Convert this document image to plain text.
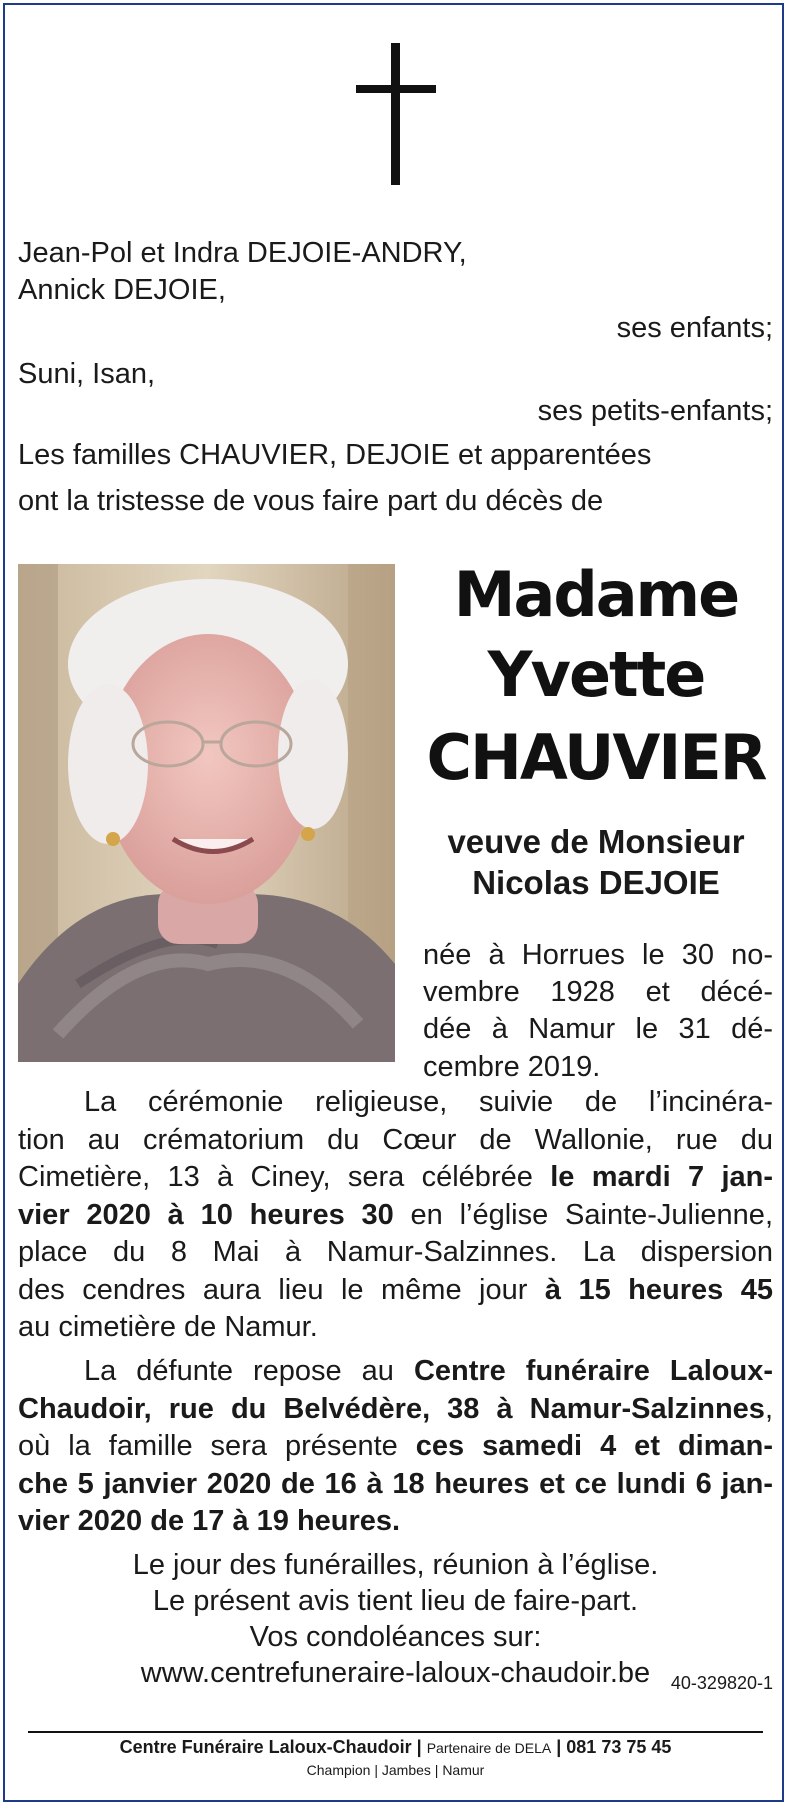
Jean-Pol et Indra DEJOIE-ANDRY,
Annick DEJOIE,
ses enfants;
Suni, Isan,
ses petits-enfants;
Les familles CHAUVIER, DEJOIE et apparentées
ont la tristesse de vous faire part du décès de
Madame
Yvette
CHAUVIER
veuve de Monsieur
Nicolas DEJOIE
née à Horrues le 30 no-
vembre 1928 et décé-
dée à Namur le 31 dé-
cembre 2019.
La cérémonie religieuse, suivie de l’incinéra-
tion au crématorium du Cœur de Wallonie, rue du
Cimetière, 13 à Ciney, sera célébrée le mardi 7 jan-
vier 2020 à 10 heures 30 en l’église Sainte-Julienne,
place du 8 Mai à Namur-Salzinnes. La dispersion
des cendres aura lieu le même jour à 15 heures 45
au cimetière de Namur.
La défunte repose au Centre funéraire Laloux-
Chaudoir, rue du Belvédère, 38 à Namur-Salzinnes,
où la famille sera présente ces samedi 4 et diman-
che 5 janvier 2020 de 16 à 18 heures et ce lundi 6 jan-
vier 2020 de 17 à 19 heures.
Le jour des funérailles, réunion à l’église.
Le présent avis tient lieu de faire-part.
Vos condoléances sur:
www.centrefuneraire-laloux-chaudoir.be	40-329820-1
Centre Funéraire Laloux-Chaudoir | Partenaire de DELA | 081 73 75 45
Champion | Jambes | Namur
